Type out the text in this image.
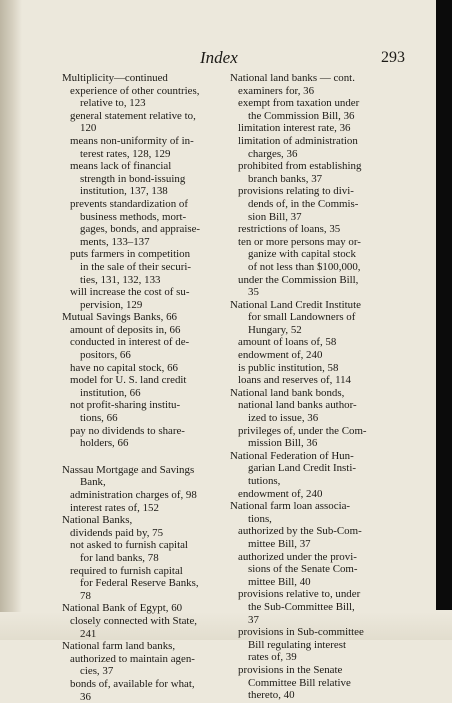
Index	293
Multiplicity—continued
experience of other countries,
relative to, 123
general statement relative to,
120
means non-uniformity of in-
terest rates, 128, 129
means lack of financial
strength in bond-issuing
institution, 137, 138
prevents standardization of
business methods, mort-
gages, bonds, and appraise-
ments, 133–137
puts farmers in competition
in the sale of their securi-
ties, 131, 132, 133
will increase the cost of su-
pervision, 129
Mutual Savings Banks, 66
amount of deposits in, 66
conducted in interest of de-
positors, 66
have no capital stock, 66
model for U. S. land credit
institution, 66
not profit-sharing institu-
tions, 66
pay no dividends to share-
holders, 66
Nassau Mortgage and Savings
Bank,
administration charges of, 98
interest rates of, 152
National Banks,
dividends paid by, 75
not asked to furnish capital
for land banks, 78
required to furnish capital
for Federal Reserve Banks,
78
National Bank of Egypt, 60
closely connected with State,
241
National farm land banks,
authorized to maintain agen-
cies, 37
bonds of, available for what,
36
National land banks — cont.
examiners for, 36
exempt from taxation under
the Commission Bill, 36
limitation interest rate, 36
limitation of administration
charges, 36
prohibited from establishing
branch banks, 37
provisions relating to divi-
dends of, in the Commis-
sion Bill, 37
restrictions of loans, 35
ten or more persons may or-
ganize with capital stock
of not less than $100,000,
under the Commission Bill,
35
National Land Credit Institute
for small Landowners of
Hungary, 52
amount of loans of, 58
endowment of, 240
is public institution, 58
loans and reserves of, 114
National land bank bonds,
national land banks author-
ized to issue, 36
privileges of, under the Com-
mission Bill, 36
National Federation of Hun-
garian Land Credit Insti-
tutions,
endowment of, 240
National farm loan associa-
tions,
authorized by the Sub-Com-
mittee Bill, 37
authorized under the provi-
sions of the Senate Com-
mittee Bill, 40
provisions relative to, under
the Sub-Committee Bill,
37
provisions in Sub-committee
Bill regulating interest
rates of, 39
provisions in the Senate
Committee Bill relative
thereto, 40
